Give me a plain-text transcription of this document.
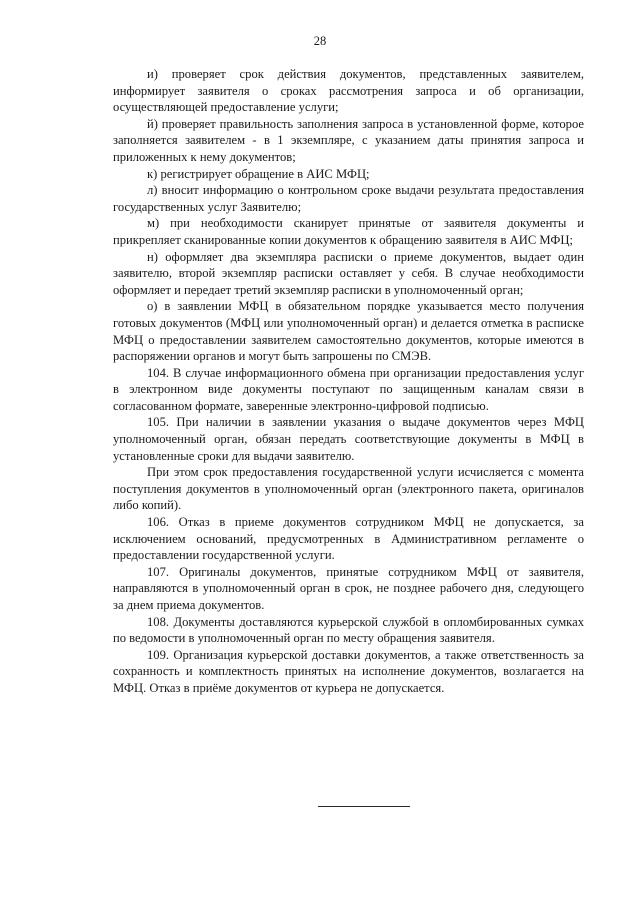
28

и) проверяет срок действия документов, представленных заявителем, информирует заявителя о сроках рассмотрения запроса и об организации, осуществляющей предоставление услуги;

й) проверяет правильность заполнения запроса в установленной форме, которое заполняется заявителем - в 1 экземпляре, с указанием даты принятия запроса и приложенных к нему документов;

к) регистрирует обращение в АИС МФЦ;

л) вносит информацию о контрольном сроке выдачи результата предоставления государственных услуг Заявителю;

м) при необходимости сканирует принятые от заявителя документы и прикрепляет сканированные копии документов к обращению заявителя в АИС МФЦ;

н) оформляет два экземпляра расписки о приеме документов, выдает один заявителю, второй экземпляр расписки оставляет у себя. В случае необходимости оформляет и передает третий экземпляр расписки в уполномоченный орган;

о) в заявлении МФЦ в обязательном порядке указывается место получения готовых документов (МФЦ или уполномоченный орган) и делается отметка в расписке МФЦ о предоставлении заявителем самостоятельно документов, которые имеются в распоряжении органов и могут быть запрошены по СМЭВ.

104. В случае информационного обмена при организации предоставления услуг в электронном виде документы поступают по защищенным каналам связи в согласованном формате, заверенные электронно-цифровой подписью.

105. При наличии в заявлении указания о выдаче документов через МФЦ уполномоченный орган, обязан передать соответствующие документы в МФЦ в установленные сроки для выдачи заявителю.

При этом срок предоставления государственной услуги исчисляется с момента поступления документов в уполномоченный орган (электронного пакета, оригиналов либо копий).

106. Отказ в приеме документов сотрудником МФЦ не допускается, за исключением оснований, предусмотренных в Административном регламенте о предоставлении государственной услуги.

107. Оригиналы документов, принятые сотрудником МФЦ от заявителя, направляются в уполномоченный орган в срок, не позднее рабочего дня, следующего за днем приема документов.

108. Документы доставляются курьерской службой в опломбированных сумках по ведомости в уполномоченный орган по месту обращения заявителя.

109. Организация курьерской доставки документов, а также ответственность за сохранность и комплектность принятых на исполнение документов, возлагается на МФЦ. Отказ в приёме документов от курьера не допускается.
